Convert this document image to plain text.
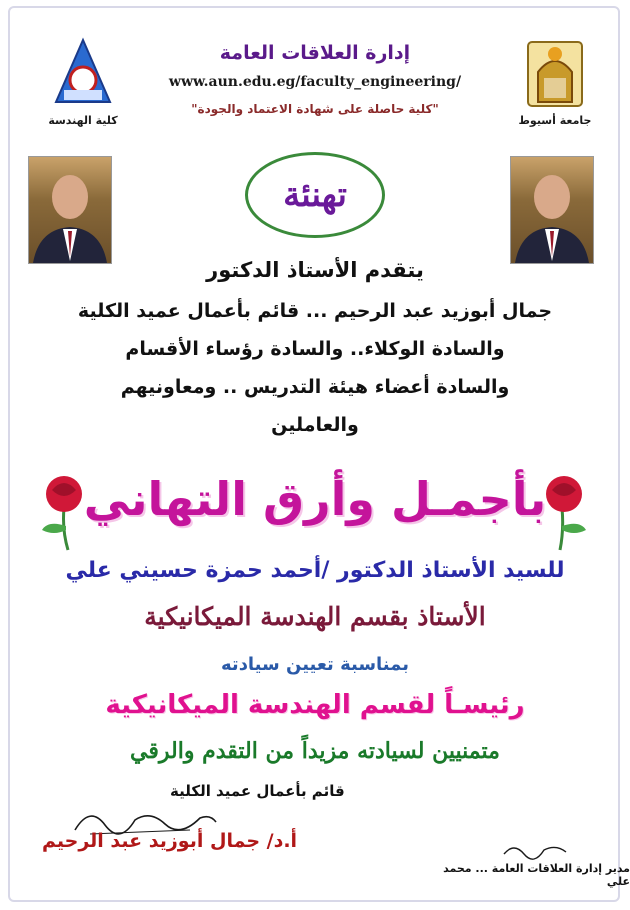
جامعة أسيوط
كلية الهندسة
إدارة العلاقات العامة
www.aun.edu.eg/faculty_engineering/
"كلية حاصلة على شهادة الاعتماد والجودة"
تهنئة
يتقدم الأستاذ الدكتور
جمال أبوزيد عبد الرحيم ... قائم بأعمال عميد الكلية
والسادة الوكلاء.. والسادة رؤساء الأقسام
والسادة أعضاء هيئة التدريس .. ومعاونيهم
والعاملين
بأجمـل وأرق التهاني
للسيد الأستاذ الدكتور /أحمد حمزة حسيني علي
الأستاذ بقسم الهندسة الميكانيكية
بمناسبة تعيين سيادته
رئيسـاً لقسم الهندسة الميكانيكية
متمنيين لسيادته مزيداً من التقدم والرقي
قائم بأعمال عميد الكلية
أ.د/ جمال أبوزيد عبد الرحيم
مدير إدارة العلاقات العامة ... محمد علي
